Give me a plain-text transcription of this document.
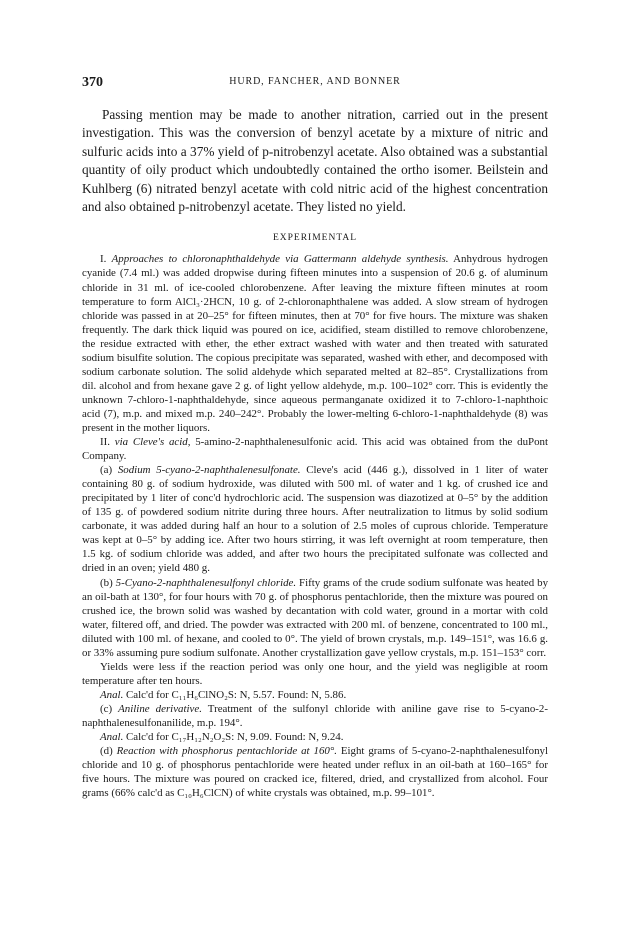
370	HURD, FANCHER, AND BONNER

Passing mention may be made to another nitration, carried out in the present investigation. This was the conversion of benzyl acetate by a mixture of nitric and sulfuric acids into a 37% yield of p-nitrobenzyl acetate. Also obtained was a substantial quantity of oily product which undoubtedly contained the ortho isomer. Beilstein and Kuhlberg (6) nitrated benzyl acetate with cold nitric acid of the highest concentration and also obtained p-nitrobenzyl acetate. They listed no yield.

EXPERIMENTAL

I. Approaches to chloronaphthaldehyde via Gattermann aldehyde synthesis. Anhydrous hydrogen cyanide (7.4 ml.) was added dropwise during fifteen minutes into a suspension of 20.6 g. of aluminum chloride in 31 ml. of ice-cooled chlorobenzene. After leaving the mixture fifteen minutes at room temperature to form AlCl₃·2HCN, 10 g. of 2-chloronaphthalene was added. A slow stream of hydrogen chloride was passed in at 20–25° for fifteen minutes, then at 70° for five hours. The mixture was shaken frequently. The dark thick liquid was poured on ice, acidified, steam distilled to remove chlorobenzene, the residue extracted with ether, the ether extract washed with water and then treated with saturated sodium bisulfite solution. The copious precipitate was separated, washed with ether, and decomposed with sodium carbonate solution. The solid aldehyde which separated melted at 82–85°. Crystallizations from dil. alcohol and from hexane gave 2 g. of light yellow aldehyde, m.p. 100–102° corr. This is evidently the unknown 7-chloro-1-naphthaldehyde, since aqueous permanganate oxidized it to 7-chloro-1-naphthoic acid (7), m.p. and mixed m.p. 240–242°. Probably the lower-melting 6-chloro-1-naphthaldehyde (8) was present in the mother liquors.

II. via Cleve's acid, 5-amino-2-naphthalenesulfonic acid. This acid was obtained from the duPont Company.

(a) Sodium 5-cyano-2-naphthalenesulfonate. Cleve's acid (446 g.), dissolved in 1 liter of water containing 80 g. of sodium hydroxide, was diluted with 500 ml. of water and 1 kg. of crushed ice and precipitated by 1 liter of conc'd hydrochloric acid. The suspension was diazotized at 0–5° by the addition of 135 g. of powdered sodium nitrite during three hours. After neutralization to litmus by solid sodium carbonate, it was added during half an hour to a solution of 2.5 moles of cuprous chloride. Temperature was kept at 0–5° by adding ice. After two hours stirring, it was left overnight at room temperature, then 1.5 kg. of sodium chloride was added, and after two hours the precipitated sulfonate was collected and dried in an oven; yield 480 g.

(b) 5-Cyano-2-naphthalenesulfonyl chloride. Fifty grams of the crude sodium sulfonate was heated by an oil-bath at 130°, for four hours with 70 g. of phosphorus pentachloride, then the mixture was poured on crushed ice, the brown solid was washed by decantation with cold water, ground in a mortar with cold water, filtered off, and dried. The powder was extracted with 200 ml. of benzene, concentrated to 100 ml., diluted with 100 ml. of hexane, and cooled to 0°. The yield of brown crystals, m.p. 149–151°, was 16.6 g. or 33% assuming pure sodium sulfonate. Another crystallization gave yellow crystals, m.p. 151–153° corr.

Yields were less if the reaction period was only one hour, and the yield was negligible at room temperature after ten hours.

Anal. Calc'd for C₁₁H₆ClNO₂S: N, 5.57. Found: N, 5.86.

(c) Aniline derivative. Treatment of the sulfonyl chloride with aniline gave rise to 5-cyano-2-naphthalenesulfonanilide, m.p. 194°.

Anal. Calc'd for C₁₇H₁₂N₂O₂S: N, 9.09. Found: N, 9.24.

(d) Reaction with phosphorus pentachloride at 160°. Eight grams of 5-cyano-2-naphthalenesulfonyl chloride and 10 g. of phosphorus pentachloride were heated under reflux in an oil-bath at 160–165° for five hours. The mixture was poured on cracked ice, filtered, dried, and crystallized from alcohol. Four grams (66% calc'd as C₁₀H₆ClCN) of white crystals was obtained, m.p. 99–101°.
